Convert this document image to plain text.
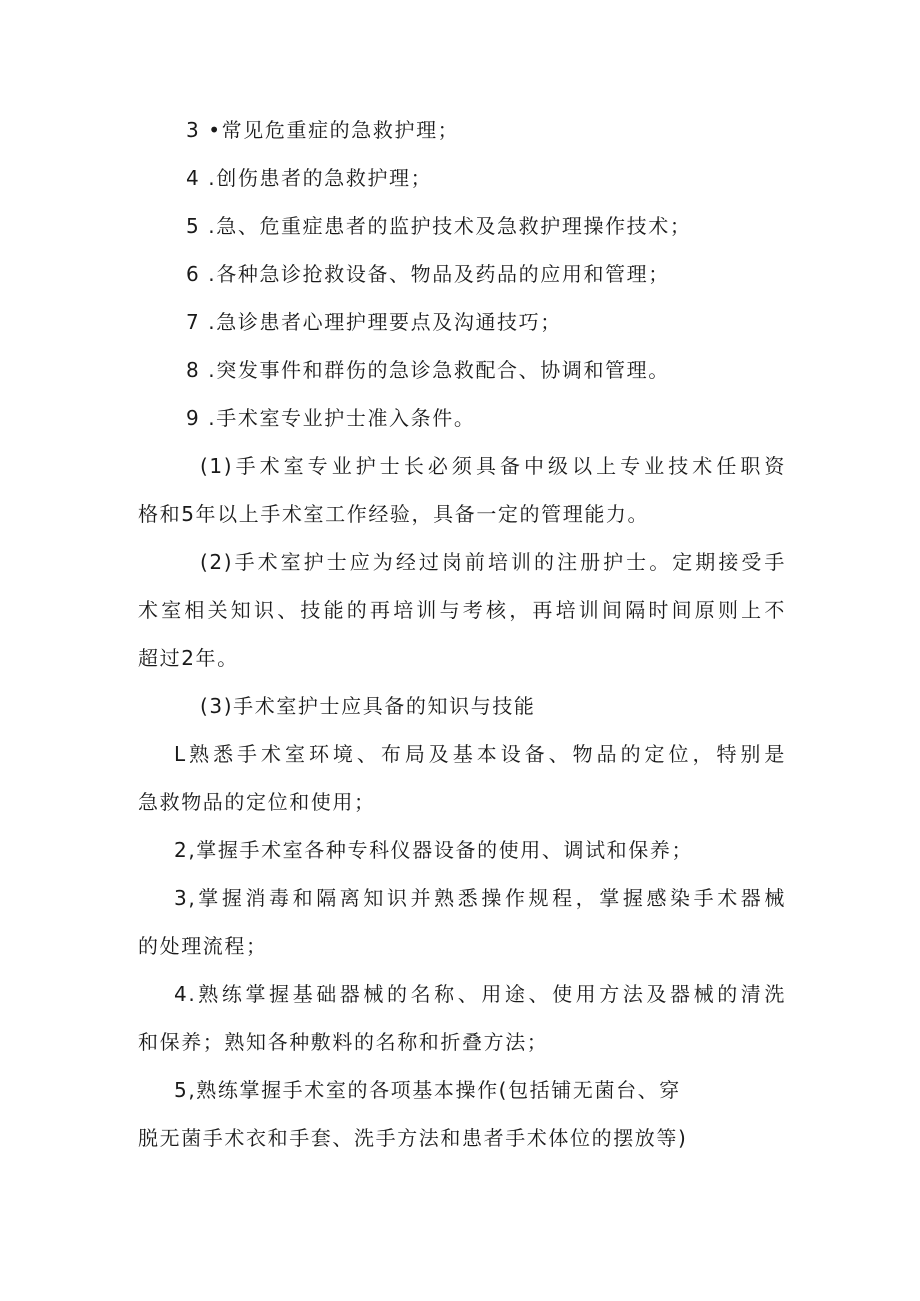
3 •常见危重症的急救护理；
4 .创伤患者的急救护理；
5 .急、危重症患者的监护技术及急救护理操作技术；
6 .各种急诊抢救设备、物品及药品的应用和管理；
7 .急诊患者心理护理要点及沟通技巧；
8 .突发事件和群伤的急诊急救配合、协调和管理。
9 .手术室专业护士准入条件。
(1)手术室专业护士长必须具备中级以上专业技术任职资
格和5年以上手术室工作经验，具备一定的管理能力。
(2)手术室护士应为经过岗前培训的注册护士。定期接受手
术室相关知识、技能的再培训与考核，再培训间隔时间原则上不
超过2年。
(3)手术室护士应具备的知识与技能
L熟悉手术室环境、布局及基本设备、物品的定位，特别是
急救物品的定位和使用；
2,掌握手术室各种专科仪器设备的使用、调试和保养；
3,掌握消毒和隔离知识并熟悉操作规程，掌握感染手术器械
的处理流程；
4.熟练掌握基础器械的名称、用途、使用方法及器械的清洗
和保养；熟知各种敷料的名称和折叠方法；
5,熟练掌握手术室的各项基本操作(包括铺无菌台、穿
脱无菌手术衣和手套、洗手方法和患者手术体位的摆放等)
